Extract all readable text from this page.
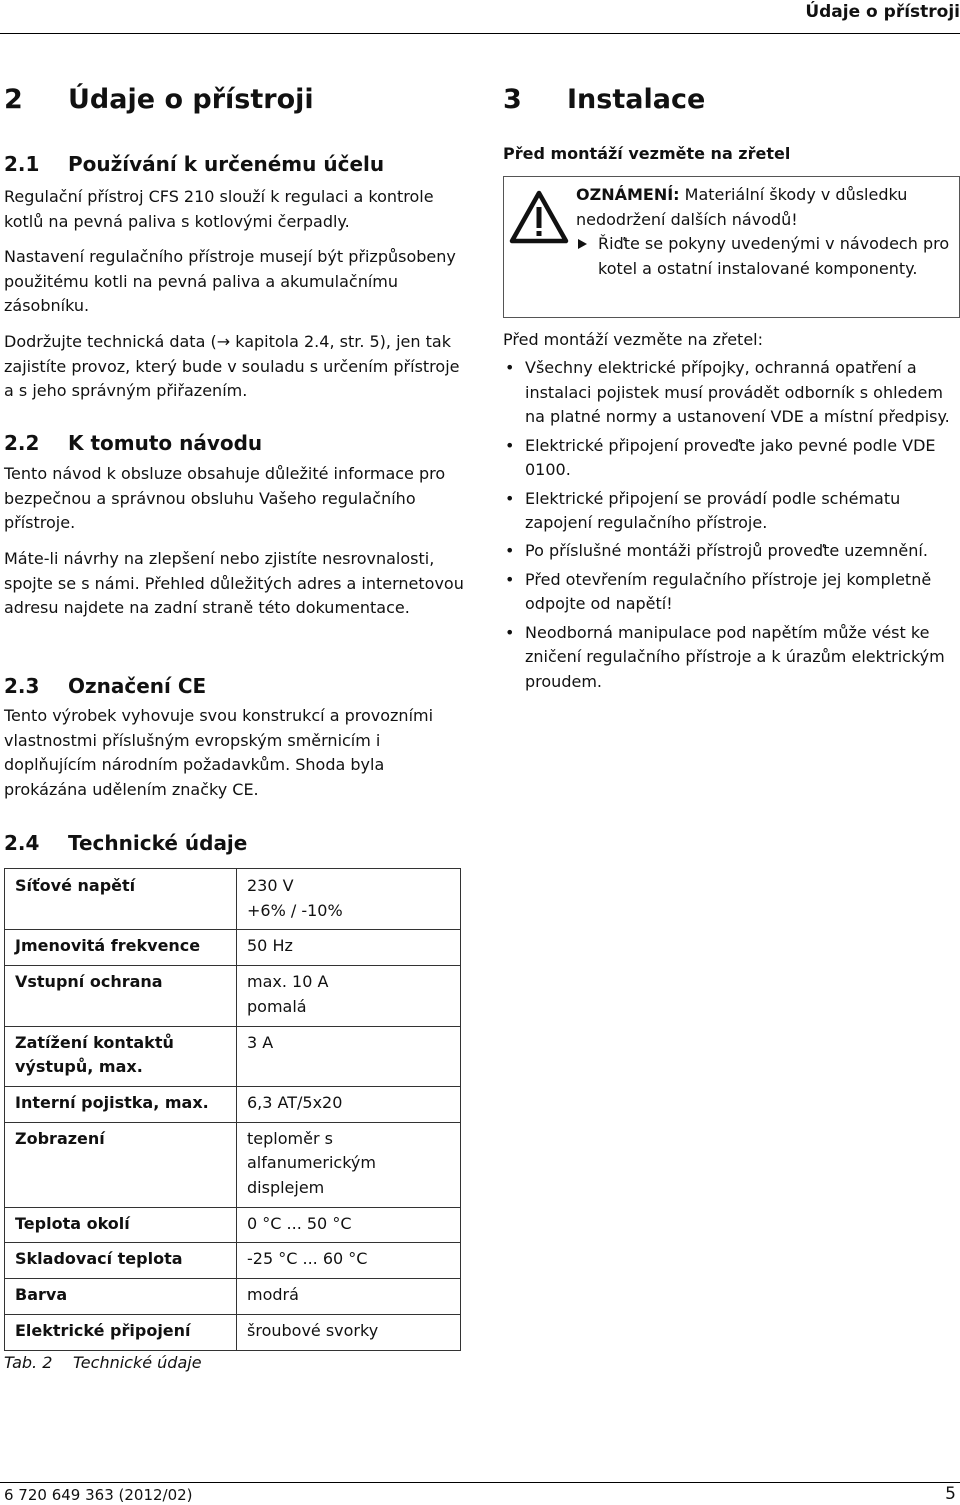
Údaje o přístroji
2 Údaje o přístroji
2.1 Používání k určenému účelu

Regulační přístroj CFS 210 slouží k regulaci a kontrole kotlů na pevná paliva s kotlovými čerpadly.

Nastavení regulačního přístroje musejí být přizpůsobeny použitému kotli na pevná paliva a akumulačnímu zásobníku.

Dodržujte technická data (→ kapitola 2.4, str. 5), jen tak zajistíte provoz, který bude v souladu s určením přístroje a s jeho správným přiřazením.

2.2 K tomuto návodu

Tento návod k obsluze obsahuje důležité informace pro bezpečnou a správnou obsluhu Vašeho regulačního přístroje.

Máte-li návrhy na zlepšení nebo zjistíte nesrovnalosti, spojte se s námi. Přehled důležitých adres a internetovou adresu najdete na zadní straně této dokumentace.

2.3 Označení CE

Tento výrobek vyhovuje svou konstrukcí a provozními vlastnostmi příslušným evropským směrnicím i doplňujícím národním požadavkům. Shoda byla prokázána udělením značky CE.

2.4 Technické údaje
Síťové napětí	230 V
+6% / -10%
Jmenovitá frekvence	50 Hz
Vstupní ochrana	max. 10 A
pomalá
Zatížení kontaktů
výstupů, max.	3 A
Interní pojistka, max.	6,3 AT/5x20
Zobrazení	teploměr s
alfanumerickým
displejem
Teplota okolí	0 °C ... 50 °C
Skladovací teplota	-25 °C ... 60 °C
Barva	modrá
Elektrické připojení	šroubové svorky
Tab. 2 Technické údaje
3 Instalace
Před montáží vezměte na zřetel

OZNÁMENÍ: Materiální škody v důsledku nedodržení dalších návodů!

Řiďte se pokyny uvedenými v návodech pro kotel a ostatní instalované komponenty.

Před montáží vezměte na zřetel:

• Všechny elektrické přípojky, ochranná opatření a instalaci pojistek musí provádět odborník s ohledem na platné normy a ustanovení VDE a místní předpisy.
• Elektrické připojení proveďte jako pevné podle VDE 0100.
• Elektrické připojení se provádí podle schématu zapojení regulačního přístroje.
• Po příslušné montáži přístrojů proveďte uzemnění.
• Před otevřením regulačního přístroje jej kompletně odpojte od napětí!
• Neodborná manipulace pod napětím může vést ke zničení regulačního přístroje a k úrazům elektrickým proudem.
6 720 649 363 (2012/02)	5
